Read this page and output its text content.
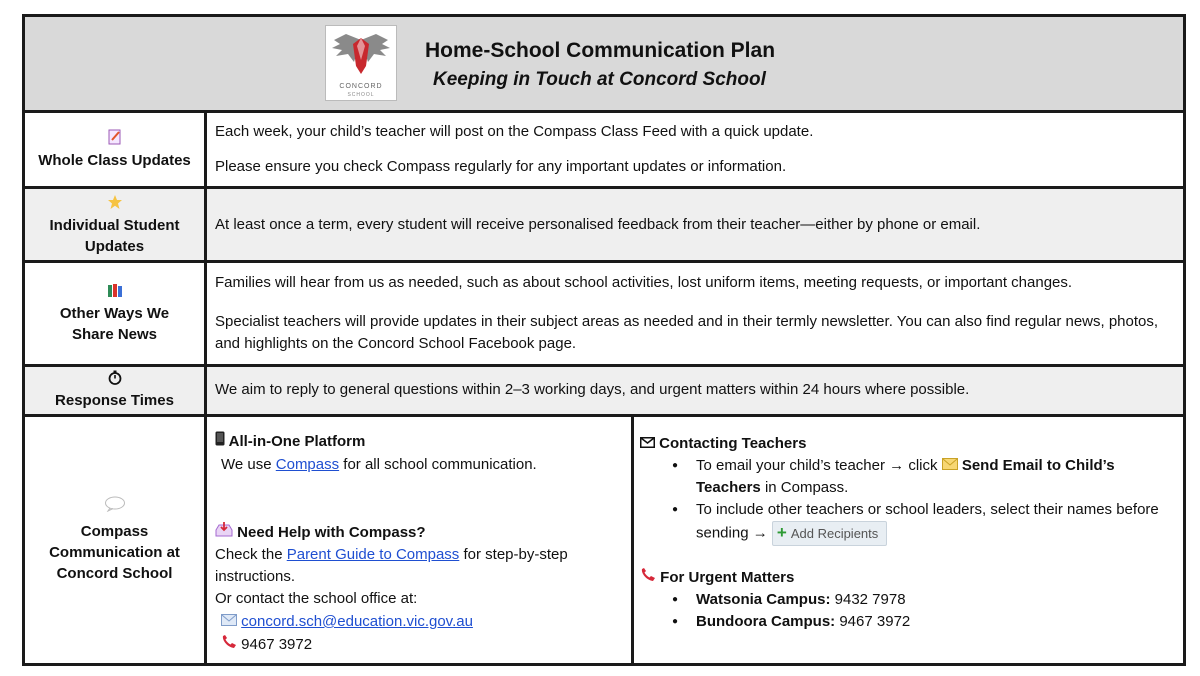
CONCORD
SCHOOL
Home-School Communication Plan
Keeping in Touch at Concord School
Whole Class Updates

Each week, your child’s teacher will post on the Compass Class Feed with a quick update.

Please ensure you check Compass regularly for any important updates or information.

Individual Student Updates

At least once a term, every student will receive personalised feedback from their teacher—either by phone or email.

Other Ways We Share News

Families will hear from us as needed, such as about school activities, lost uniform items, meeting requests, or important changes.

Specialist teachers will provide updates in their subject areas as needed and in their termly newsletter. You can also find regular news, photos, and highlights on the Concord School Facebook page.

Response Times

We aim to reply to general questions within 2–3 working days, and urgent matters within 24 hours where possible.

Compass Communication at Concord School

All-in-One Platform

We use Compass for all school communication.

Need Help with Compass?

Check the Parent Guide to Compass for step-by-step instructions.

Or contact the school office at:

concord.sch@education.vic.gov.au

9467 3972

Contacting Teachers

● To email your child’s teacher → click Send Email to Child’s Teachers in Compass.
● To include other teachers or school leaders, select their names before sending → + Add Recipients

For Urgent Matters

● Watsonia Campus: 9432 7978
● Bundoora Campus: 9467 3972
